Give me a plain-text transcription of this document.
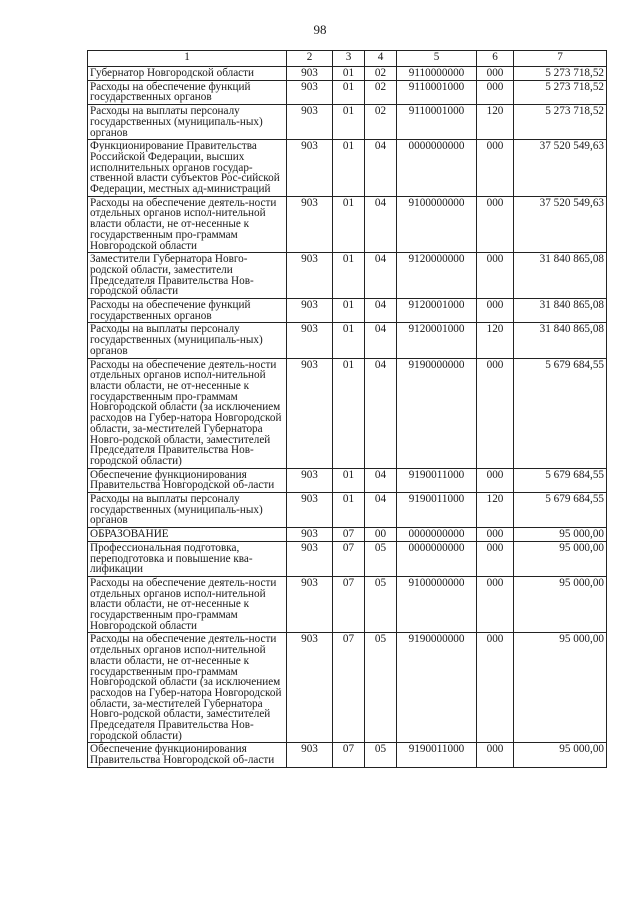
98
1	2	3	4	5	6	7
Губернатор Новгородской области	903	01	02	9110000000	000	5 273 718,52
Расходы на обеспечение функций государственных органов	903	01	02	9110001000	000	5 273 718,52
Расходы на выплаты персоналу государственных (муниципаль-ных) органов	903	01	02	9110001000	120	5 273 718,52
Функционирование Правительства Российской Федерации, высших исполнительных органов государ-ственной власти субъектов Рос-сийской Федерации, местных ад-министраций	903	01	04	0000000000	000	37 520 549,63
Расходы на обеспечение деятель-ности отдельных органов испол-нительной власти области, не от-несенные к государственным про-граммам Новгородской области	903	01	04	9100000000	000	37 520 549,63
Заместители Губернатора Новго-родской области, заместители Председателя Правительства Нов-городской области	903	01	04	9120000000	000	31 840 865,08
Расходы на обеспечение функций государственных органов	903	01	04	9120001000	000	31 840 865,08
Расходы на выплаты персоналу государственных (муниципаль-ных) органов	903	01	04	9120001000	120	31 840 865,08
Расходы на обеспечение деятель-ности отдельных органов испол-нительной власти области, не от-несенные к государственным про-граммам Новгородской области (за исключением расходов на Губер-натора Новгородской области, за-местителей Губернатора Новго-родской области, заместителей Председателя Правительства Нов-городской области)	903	01	04	9190000000	000	5 679 684,55
Обеспечение функционирования Правительства Новгородской об-ласти	903	01	04	9190011000	000	5 679 684,55
Расходы на выплаты персоналу государственных (муниципаль-ных) органов	903	01	04	9190011000	120	5 679 684,55
ОБРАЗОВАНИЕ	903	07	00	0000000000	000	95 000,00
Профессиональная подготовка, переподготовка и повышение ква-лификации	903	07	05	0000000000	000	95 000,00
Расходы на обеспечение деятель-ности отдельных органов испол-нительной власти области, не от-несенные к государственным про-граммам Новгородской области	903	07	05	9100000000	000	95 000,00
Расходы на обеспечение деятель-ности отдельных органов испол-нительной власти области, не от-несенные к государственным про-граммам Новгородской области (за исключением расходов на Губер-натора Новгородской области, за-местителей Губернатора Новго-родской области, заместителей Председателя Правительства Нов-городской области)	903	07	05	9190000000	000	95 000,00
Обеспечение функционирования Правительства Новгородской об-ласти	903	07	05	9190011000	000	95 000,00
